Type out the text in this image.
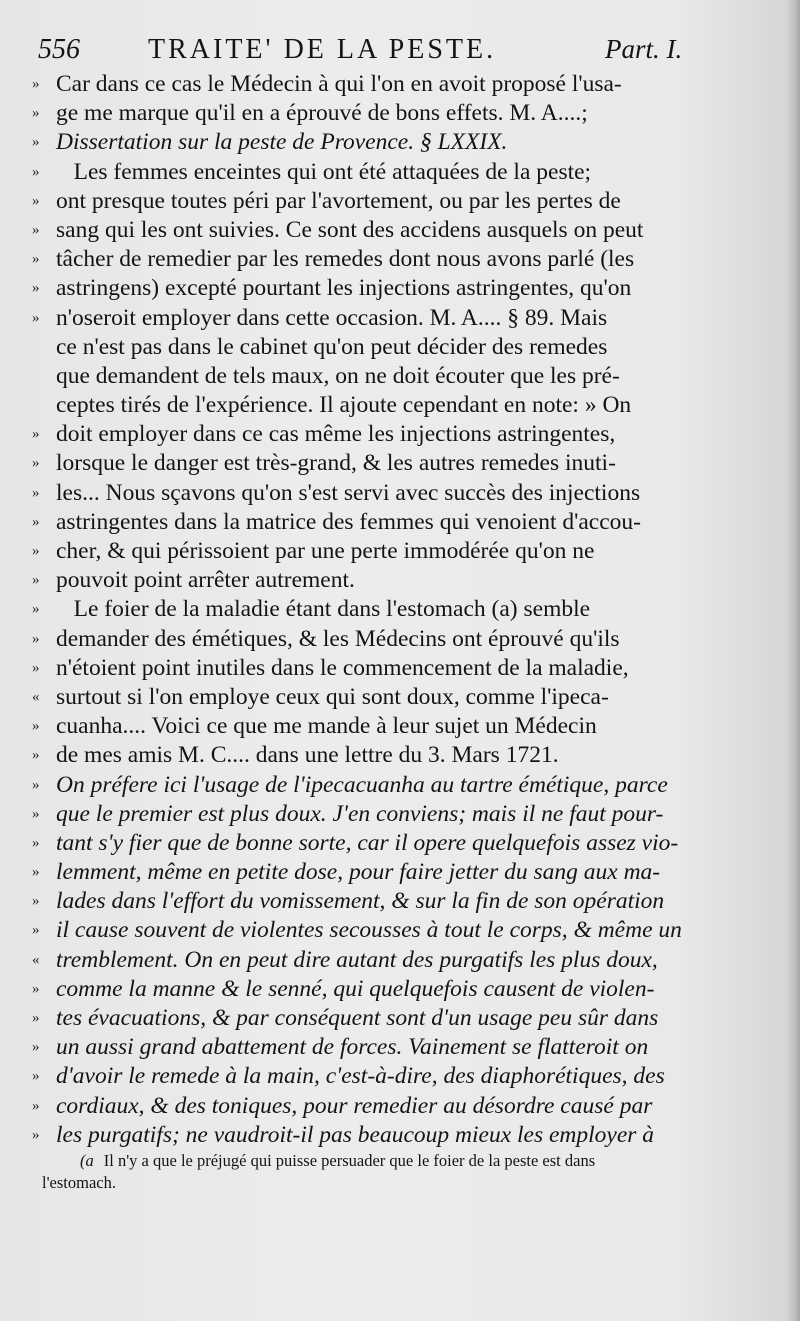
556 TRAITE' DE LA PESTE.	Part. I.
» Car dans ce cas le Médecin à qui l'on en avoit proposé l'usa-
» ge me marque qu'il en a éprouvé de bons effets. M. A....;
» Dissertation sur la peste de Provence. § LXXIX.
» Les femmes enceintes qui ont été attaquées de la peste;
» ont presque toutes péri par l'avortement, ou par les pertes de
» sang qui les ont suivies. Ce sont des accidens ausquels on peut
» tâcher de remedier par les remedes dont nous avons parlé (les
» astringens) excepté pourtant les injections astringentes, qu'on
» n'oseroit employer dans cette occasion. M. A.... § 89. Mais
ce n'est pas dans le cabinet qu'on peut décider des remedes
que demandent de tels maux, on ne doit écouter que les pré-
ceptes tirés de l'expérience. Il ajoute cependant en note: » On
» doit employer dans ce cas même les injections astringentes,
» lorsque le danger est très-grand, & les autres remedes inuti-
» les... Nous sçavons qu'on s'est servi avec succès des injections
» astringentes dans la matrice des femmes qui venoient d'accou-
» cher, & qui périssoient par une perte immodérée qu'on ne
» pouvoit point arrêter autrement.
» Le foier de la maladie étant dans l'estomach (a) semble
» demander des émétiques, & les Médecins ont éprouvé qu'ils
» n'étoient point inutiles dans le commencement de la maladie,
« surtout si l'on employe ceux qui sont doux, comme l'ipeca-
» cuanha.... Voici ce que me mande à leur sujet un Médecin
» de mes amis M. C.... dans une lettre du 3. Mars 1721.
» On préfere ici l'usage de l'ipecacuanha au tartre émétique, parce
» que le premier est plus doux. J'en conviens; mais il ne faut pour-
» tant s'y fier que de bonne sorte, car il opere quelquefois assez vio-
» lemment, même en petite dose, pour faire jetter du sang aux ma-
» lades dans l'effort du vomissement, & sur la fin de son opération
» il cause souvent de violentes secousses à tout le corps, & même un
« tremblement. On en peut dire autant des purgatifs les plus doux,
» comme la manne & le senné, qui quelquefois causent de violen-
» tes évacuations, & par conséquent sont d'un usage peu sûr dans
» un aussi grand abattement de forces. Vainement se flatteroit on
» d'avoir le remede à la main, c'est-à-dire, des diaphorétiques, des
» cordiaux, & des toniques, pour remedier au désordre causé par
» les purgatifs; ne vaudroit-il pas beaucoup mieux les employer à
(a Il n'y a que le préjugé qui puisse persuader que le foier de la peste est dans
l'estomach.
